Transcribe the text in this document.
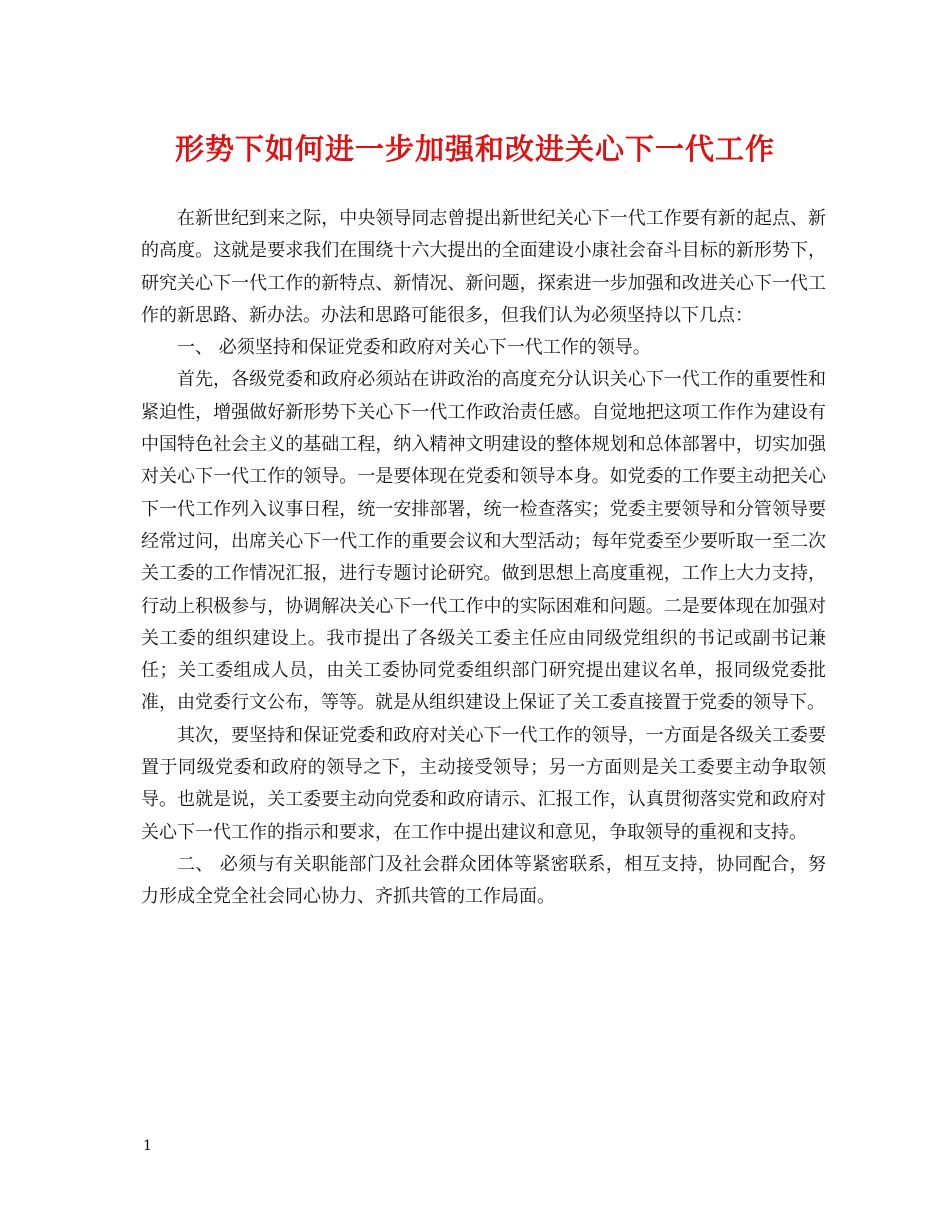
形势下如何进一步加强和改进关心下一代工作

在新世纪到来之际，中央领导同志曾提出新世纪关心下一代工作要有新的起点、新的高度。这就是要求我们在围绕十六大提出的全面建设小康社会奋斗目标的新形势下，研究关心下一代工作的新特点、新情况、新问题，探索进一步加强和改进关心下一代工作的新思路、新办法。办法和思路可能很多，但我们认为必须坚持以下几点：

一、 必须坚持和保证党委和政府对关心下一代工作的领导。

首先，各级党委和政府必须站在讲政治的高度充分认识关心下一代工作的重要性和紧迫性，增强做好新形势下关心下一代工作政治责任感。自觉地把这项工作作为建设有中国特色社会主义的基础工程，纳入精神文明建设的整体规划和总体部署中，切实加强对关心下一代工作的领导。一是要体现在党委和领导本身。如党委的工作要主动把关心下一代工作列入议事日程，统一安排部署，统一检查落实；党委主要领导和分管领导要经常过问，出席关心下一代工作的重要会议和大型活动；每年党委至少要听取一至二次关工委的工作情况汇报，进行专题讨论研究。做到思想上高度重视，工作上大力支持，行动上积极参与，协调解决关心下一代工作中的实际困难和问题。二是要体现在加强对关工委的组织建设上。我市提出了各级关工委主任应由同级党组织的书记或副书记兼任；关工委组成人员，由关工委协同党委组织部门研究提出建议名单，报同级党委批准，由党委行文公布，等等。就是从组织建设上保证了关工委直接置于党委的领导下。

其次，要坚持和保证党委和政府对关心下一代工作的领导，一方面是各级关工委要置于同级党委和政府的领导之下，主动接受领导；另一方面则是关工委要主动争取领导。也就是说，关工委要主动向党委和政府请示、汇报工作，认真贯彻落实党和政府对关心下一代工作的指示和要求，在工作中提出建议和意见，争取领导的重视和支持。

二、 必须与有关职能部门及社会群众团体等紧密联系，相互支持，协同配合，努力形成全党全社会同心协力、齐抓共管的工作局面。

1
